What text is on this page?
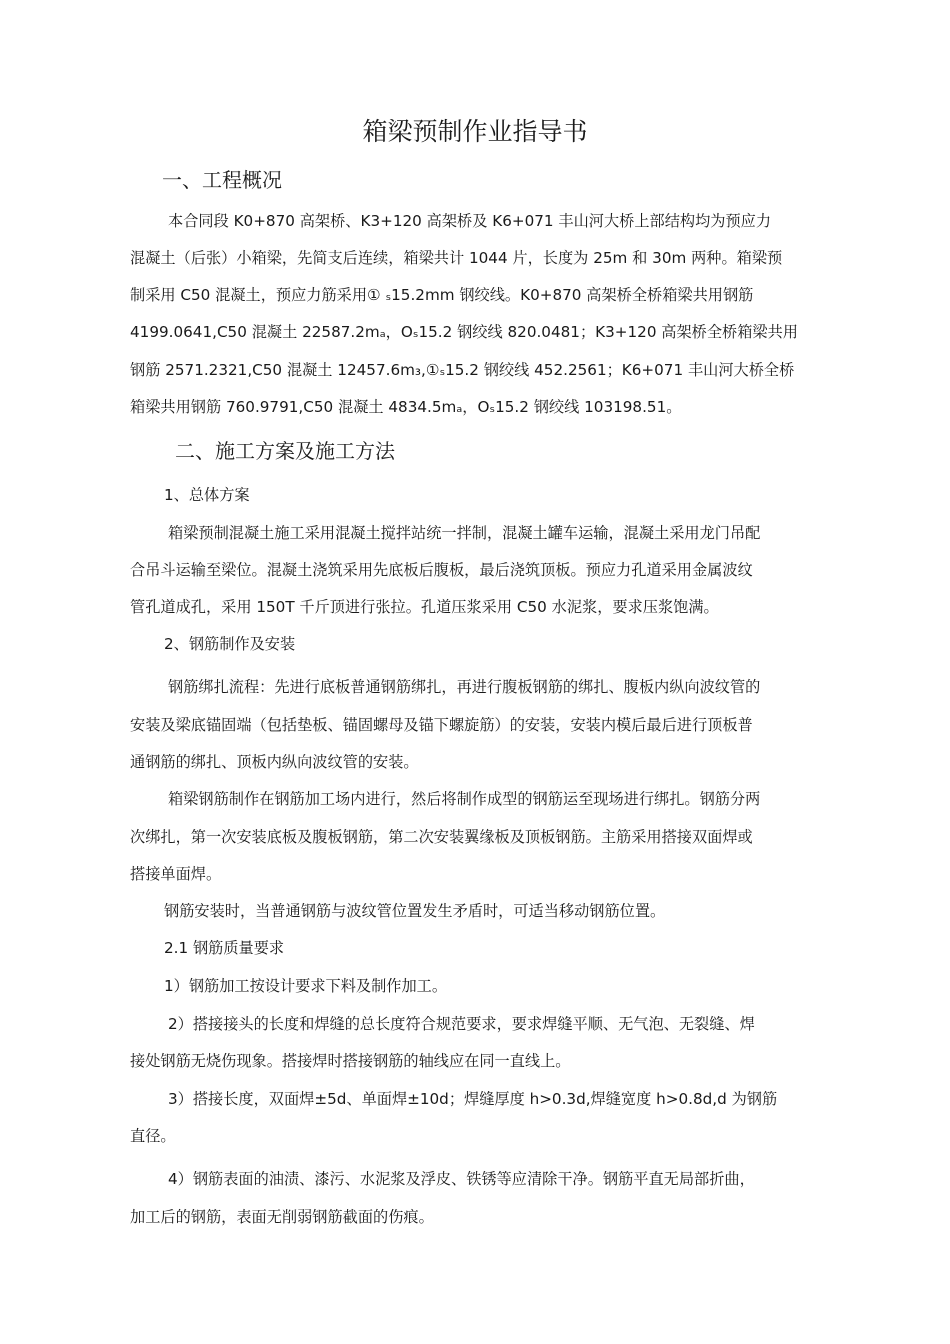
箱梁预制作业指导书
一、工程概况

本合同段 K0+870 高架桥、K3+120 高架桥及 K6+071 丰山河大桥上部结构均为预应力

混凝土（后张）小箱梁，先简支后连续，箱梁共计 1044 片，长度为 25m 和 30m 两种。箱梁预

制采用 C50 混凝土，预应力筋采用① ₛ15.2mm 钢绞线。K0+870 高架桥全桥箱梁共用钢筋

4199.0641,C50 混凝土 22587.2mₐ，Oₛ15.2 钢绞线 820.0481；K3+120 高架桥全桥箱梁共用

钢筋 2571.2321,C50 混凝土 12457.6m₃,①ₛ15.2 钢绞线 452.2561；K6+071 丰山河大桥全桥

箱梁共用钢筋 760.9791,C50 混凝土 4834.5mₐ，Oₛ15.2 钢绞线 103198.51。

二、施工方案及施工方法

1、总体方案

箱梁预制混凝土施工采用混凝土搅拌站统一拌制，混凝土罐车运输，混凝土采用龙门吊配

合吊斗运输至梁位。混凝土浇筑采用先底板后腹板，最后浇筑顶板。预应力孔道采用金属波纹

管孔道成孔，采用 150T 千斤顶进行张拉。孔道压浆采用 C50 水泥浆，要求压浆饱满。

2、钢筋制作及安装

钢筋绑扎流程：先进行底板普通钢筋绑扎，再进行腹板钢筋的绑扎、腹板内纵向波纹管的

安装及梁底锚固端（包括垫板、锚固螺母及锚下螺旋筋）的安装，安装内模后最后进行顶板普

通钢筋的绑扎、顶板内纵向波纹管的安装。

箱梁钢筋制作在钢筋加工场内进行，然后将制作成型的钢筋运至现场进行绑扎。钢筋分两

次绑扎，第一次安装底板及腹板钢筋，第二次安装翼缘板及顶板钢筋。主筋采用搭接双面焊或

搭接单面焊。

钢筋安装时，当普通钢筋与波纹管位置发生矛盾时，可适当移动钢筋位置。

2.1 钢筋质量要求

1）钢筋加工按设计要求下料及制作加工。

2）搭接接头的长度和焊缝的总长度符合规范要求，要求焊缝平顺、无气泡、无裂缝、焊

接处钢筋无烧伤现象。搭接焊时搭接钢筋的轴线应在同一直线上。

3）搭接长度，双面焊±5d、单面焊±10d；焊缝厚度 h>0.3d,焊缝宽度 h>0.8d,d 为钢筋

直径。

4）钢筋表面的油渍、漆污、水泥浆及浮皮、铁锈等应清除干净。钢筋平直无局部折曲，

加工后的钢筋，表面无削弱钢筋截面的伤痕。
